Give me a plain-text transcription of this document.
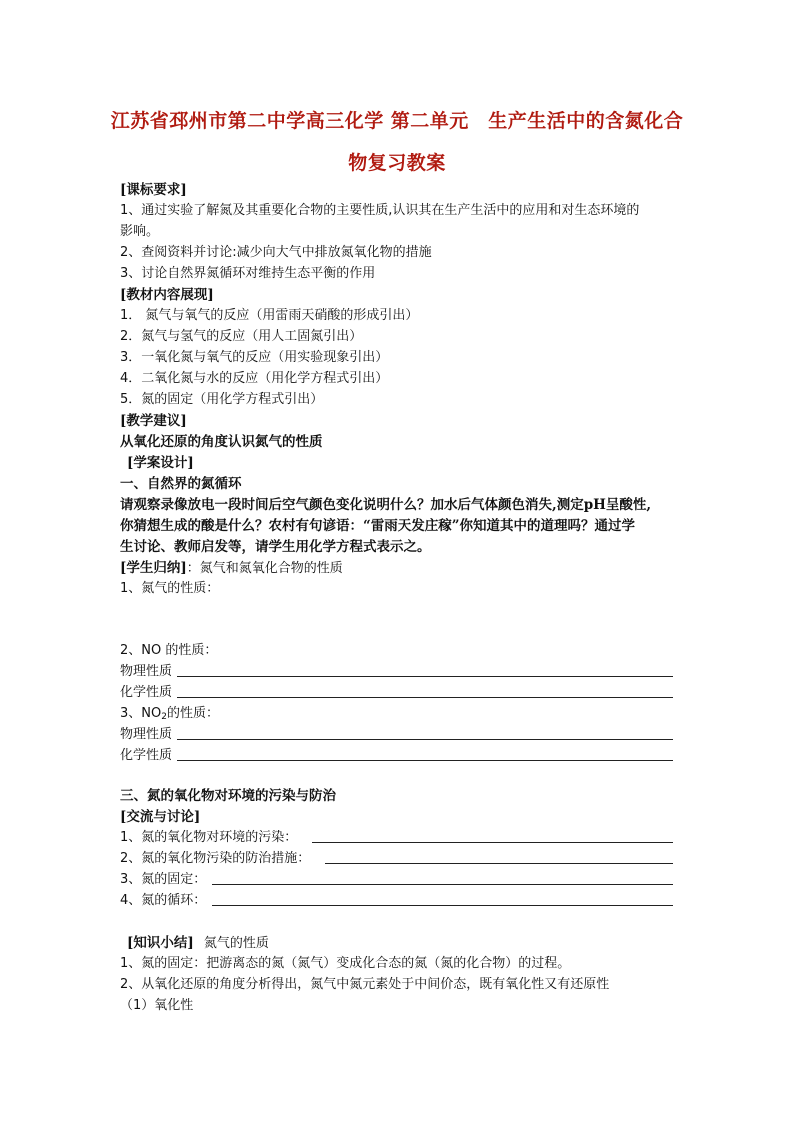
江苏省邳州市第二中学高三化学 第二单元　生产生活中的含氮化合
物复习教案
[课标要求]
1、通过实验了解氮及其重要化合物的主要性质,认识其在生产生活中的应用和对生态环境的
影响。
2、查阅资料并讨论:减少向大气中排放氮氧化物的措施
3、讨论自然界氮循环对维持生态平衡的作用
[教材内容展现]
1． 氮气与氧气的反应（用雷雨天硝酸的形成引出）
2．氮气与氢气的反应（用人工固氮引出）
3．一氧化氮与氧气的反应（用实验现象引出）
4．二氧化氮与水的反应（用化学方程式引出）
5．氮的固定（用化学方程式引出）
[教学建议]
从氧化还原的角度认识氮气的性质
[学案设计]
一、自然界的氮循环
请观察录像放电一段时间后空气颜色变化说明什么？加水后气体颜色消失,测定pH呈酸性,
你猜想生成的酸是什么？农村有句谚语：“雷雨天发庄稼”你知道其中的道理吗？通过学
生讨论、教师启发等，请学生用化学方程式表示之。
[学生归纳]：氮气和氮氧化合物的性质
1、氮气的性质：
2、NO 的性质：
物理性质
化学性质
3、$NO_2$的性质：
物理性质
化学性质
三、氮的氧化物对环境的污染与防治
[交流与讨论]
1、氮的氧化物对环境的污染：
2、氮的氧化物污染的防治措施：
3、氮的固定：
4、氮的循环：
[知识小结] 氮气的性质
1、氮的固定：把游离态的氮（氮气）变成化合态的氮（氮的化合物）的过程。
2、从氧化还原的角度分析得出，氮气中氮元素处于中间价态，既有氧化性又有还原性
（1）氧化性
